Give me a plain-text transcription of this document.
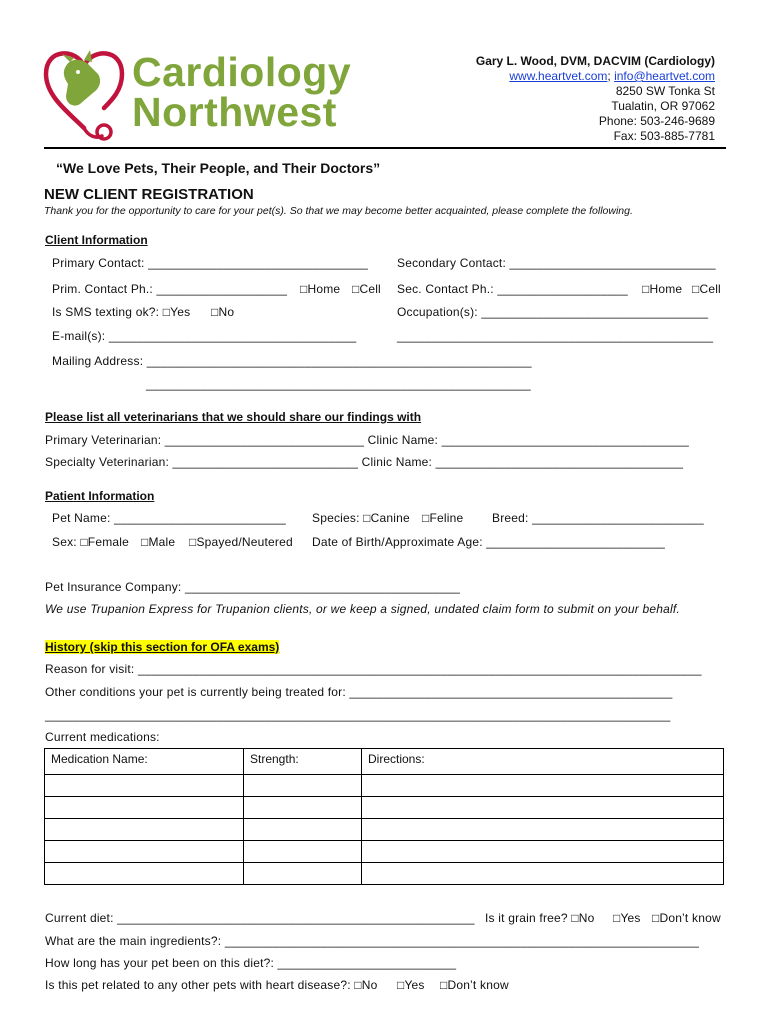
Cardiology
Northwest
Gary L. Wood, DVM, DACVIM (Cardiology)
www.heartvet.com; info@heartvet.com
8250 SW Tonka St
Tualatin, OR 97062
Phone: 503-246-9689
Fax: 503-885-7781
“We Love Pets, Their People, and Their Doctors”
NEW CLIENT REGISTRATION
Thank you for the opportunity to care for your pet(s). So that we may become better acquainted, please complete the following.
Client Information
Primary Contact: ________________________________ Secondary Contact: ______________________________
Prim. Contact Ph.: ___________________ □Home □Cell Sec. Contact Ph.: ___________________ □Home □Cell
Is SMS texting ok?: □Yes □No	Occupation(s): _________________________________
E-mail(s): ____________________________________	______________________________________________
Mailing Address: ________________________________________________________
________________________________________________________
Please list all veterinarians that we should share our findings with
Primary Veterinarian: _____________________________ Clinic Name: ____________________________________
Specialty Veterinarian: ___________________________ Clinic Name: ____________________________________
Patient Information
Pet Name: _________________________ Species: □Canine □Feline Breed: _________________________
Sex: □Female □Male □Spayed/Neutered Date of Birth/Approximate Age: __________________________
Pet Insurance Company: ________________________________________
We use Trupanion Express for Trupanion clients, or we keep a signed, undated claim form to submit on your behalf.
History (skip this section for OFA exams)
Reason for visit: __________________________________________________________________________________
Other conditions your pet is currently being treated for: _______________________________________________
___________________________________________________________________________________________
Current medications:
Medication Name:	Strength:	Directions:

Current diet: ____________________________________________________ Is it grain free? □No □Yes □Don’t know
What are the main ingredients?: _____________________________________________________________________
How long has your pet been on this diet?: __________________________
Is this pet related to any other pets with heart disease?: □No □Yes □Don’t know
